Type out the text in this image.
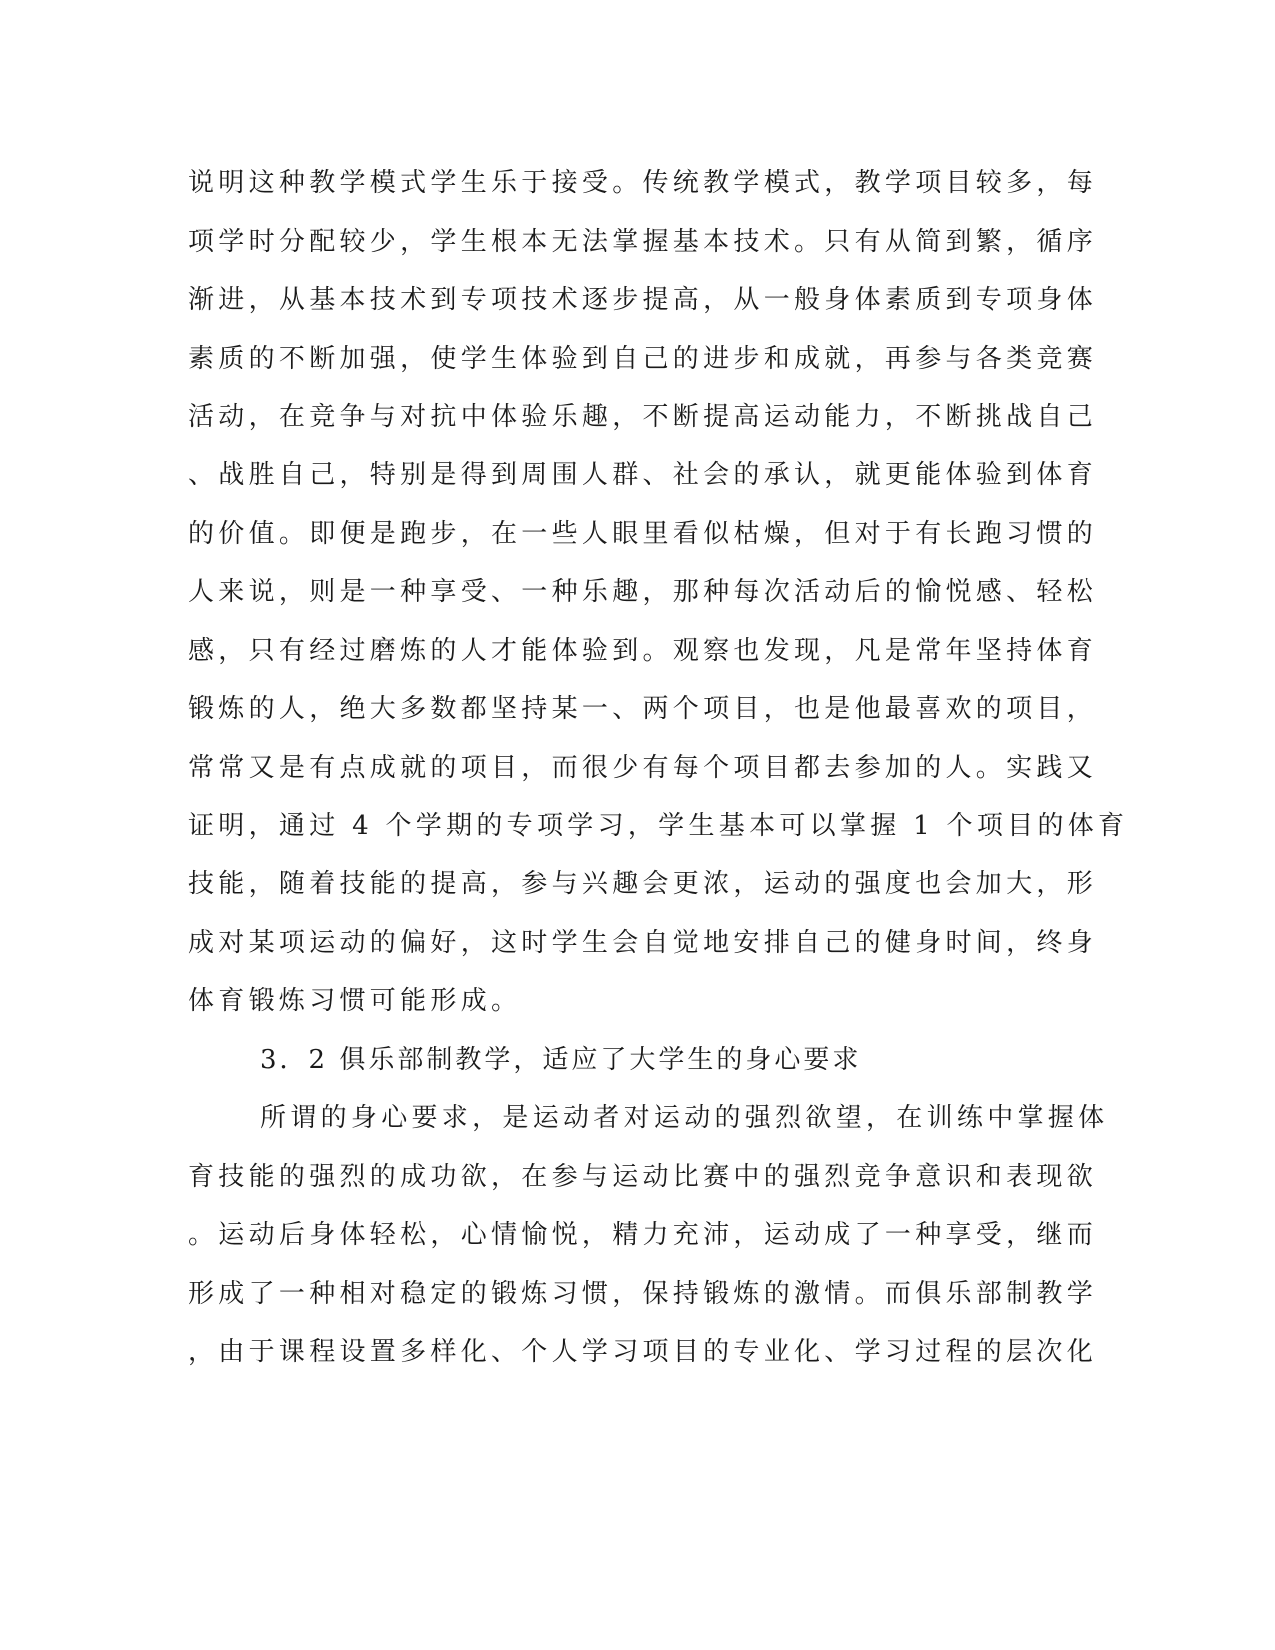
说明这种教学模式学生乐于接受。传统教学模式，教学项目较多，每
项学时分配较少，学生根本无法掌握基本技术。只有从简到繁，循序
渐进，从基本技术到专项技术逐步提高，从一般身体素质到专项身体
素质的不断加强，使学生体验到自己的进步和成就，再参与各类竞赛
活动，在竞争与对抗中体验乐趣，不断提高运动能力，不断挑战自己
、战胜自己，特别是得到周围人群、社会的承认，就更能体验到体育
的价值。即便是跑步，在一些人眼里看似枯燥，但对于有长跑习惯的
人来说，则是一种享受、一种乐趣，那种每次活动后的愉悦感、轻松
感，只有经过磨炼的人才能体验到。观察也发现，凡是常年坚持体育
锻炼的人，绝大多数都坚持某一、两个项目，也是他最喜欢的项目，
常常又是有点成就的项目，而很少有每个项目都去参加的人。实践又
证明，通过 4 个学期的专项学习，学生基本可以掌握 1 个项目的体育
技能，随着技能的提高，参与兴趣会更浓，运动的强度也会加大，形
成对某项运动的偏好，这时学生会自觉地安排自己的健身时间，终身
体育锻炼习惯可能形成。
3．2 俱乐部制教学，适应了大学生的身心要求
所谓的身心要求，是运动者对运动的强烈欲望，在训练中掌握体
育技能的强烈的成功欲，在参与运动比赛中的强烈竞争意识和表现欲
。运动后身体轻松，心情愉悦，精力充沛，运动成了一种享受，继而
形成了一种相对稳定的锻炼习惯，保持锻炼的激情。而俱乐部制教学
，由于课程设置多样化、个人学习项目的专业化、学习过程的层次化
